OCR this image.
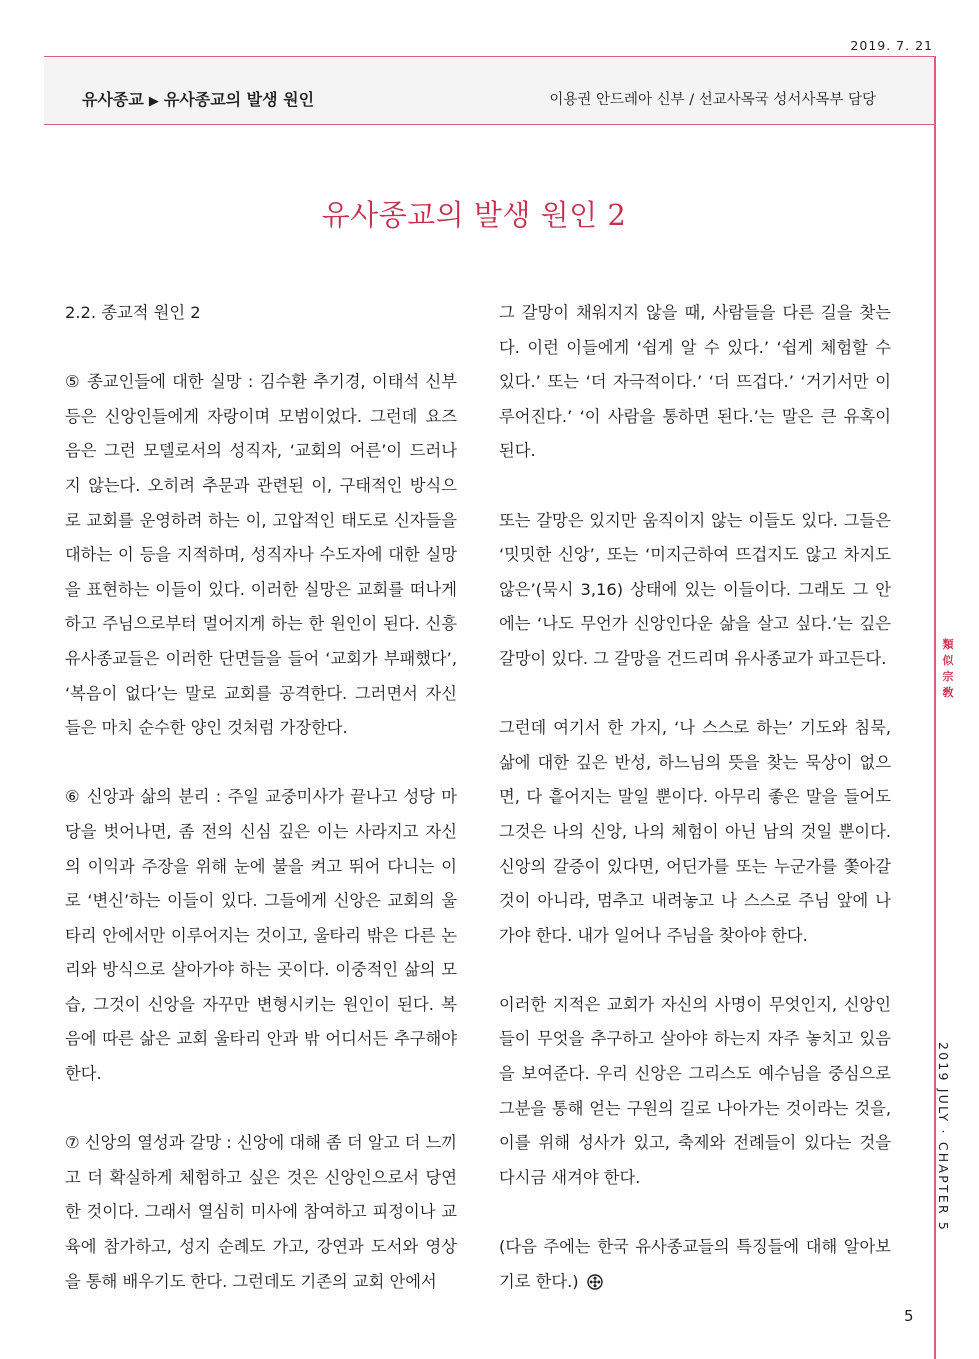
2019. 7. 21
유사종교 ▶ 유사종교의 발생 원인	이용권 안드레아 신부 / 선교사목국 성서사목부 담당
유사종교의 발생 원인 2

2.2. 종교적 원인 2

⑤ 종교인들에 대한 실망 : 김수환 추기경, 이태석 신부 등은 신앙인들에게 자랑이며 모범이었다. 그런데 요즈음은 그런 모델로서의 성직자, ‘교회의 어른’이 드러나지 않는다. 오히려 추문과 관련된 이, 구태적인 방식으로 교회를 운영하려 하는 이, 고압적인 태도로 신자들을 대하는 이 등을 지적하며, 성직자나 수도자에 대한 실망을 표현하는 이들이 있다. 이러한 실망은 교회를 떠나게 하고 주님으로부터 멀어지게 하는 한 원인이 된다. 신흥 유사종교들은 이러한 단면들을 들어 ‘교회가 부패했다’, ‘복음이 없다’는 말로 교회를 공격한다. 그러면서 자신들은 마치 순수한 양인 것처럼 가장한다.

⑥ 신앙과 삶의 분리 : 주일 교중미사가 끝나고 성당 마당을 벗어나면, 좀 전의 신심 깊은 이는 사라지고 자신의 이익과 주장을 위해 눈에 불을 켜고 뛰어 다니는 이로 ‘변신’하는 이들이 있다. 그들에게 신앙은 교회의 울타리 안에서만 이루어지는 것이고, 울타리 밖은 다른 논리와 방식으로 살아가야 하는 곳이다. 이중적인 삶의 모습, 그것이 신앙을 자꾸만 변형시키는 원인이 된다. 복음에 따른 삶은 교회 울타리 안과 밖 어디서든 추구해야 한다.

⑦ 신앙의 열성과 갈망 : 신앙에 대해 좀 더 알고 더 느끼고 더 확실하게 체험하고 싶은 것은 신앙인으로서 당연한 것이다. 그래서 열심히 미사에 참여하고 피정이나 교육에 참가하고, 성지 순례도 가고, 강연과 도서와 영상을 통해 배우기도 한다. 그런데도 기존의 교회 안에서

그 갈망이 채워지지 않을 때, 사람들을 다른 길을 찾는다. 이런 이들에게 ‘쉽게 알 수 있다.’ ‘쉽게 체험할 수 있다.’ 또는 ‘더 자극적이다.’ ‘더 뜨겁다.’ ‘거기서만 이루어진다.’ ‘이 사람을 통하면 된다.’는 말은 큰 유혹이 된다.

또는 갈망은 있지만 움직이지 않는 이들도 있다. 그들은 ‘밋밋한 신앙’, 또는 ‘미지근하여 뜨겁지도 않고 차지도 않은’(묵시 3,16) 상태에 있는 이들이다. 그래도 그 안에는 ‘나도 무언가 신앙인다운 삶을 살고 싶다.’는 깊은 갈망이 있다. 그 갈망을 건드리며 유사종교가 파고든다.

그런데 여기서 한 가지, ‘나 스스로 하는’ 기도와 침묵, 삶에 대한 깊은 반성, 하느님의 뜻을 찾는 묵상이 없으면, 다 흩어지는 말일 뿐이다. 아무리 좋은 말을 들어도 그것은 나의 신앙, 나의 체험이 아닌 남의 것일 뿐이다. 신앙의 갈증이 있다면, 어딘가를 또는 누군가를 쫓아갈 것이 아니라, 멈추고 내려놓고 나 스스로 주님 앞에 나가야 한다. 내가 일어나 주님을 찾아야 한다.

이러한 지적은 교회가 자신의 사명이 무엇인지, 신앙인들이 무엇을 추구하고 살아야 하는지 자주 놓치고 있음을 보여준다. 우리 신앙은 그리스도 예수님을 중심으로 그분을 통해 얻는 구원의 길로 나아가는 것이라는 것을, 이를 위해 성사가 있고, 축제와 전례들이 있다는 것을 다시금 새겨야 한다.

(다음 주에는 한국 유사종교들의 특징들에 대해 알아보기로 한다.)

類
似
宗
敎
2019 JULY · CHAPTER 5
5
